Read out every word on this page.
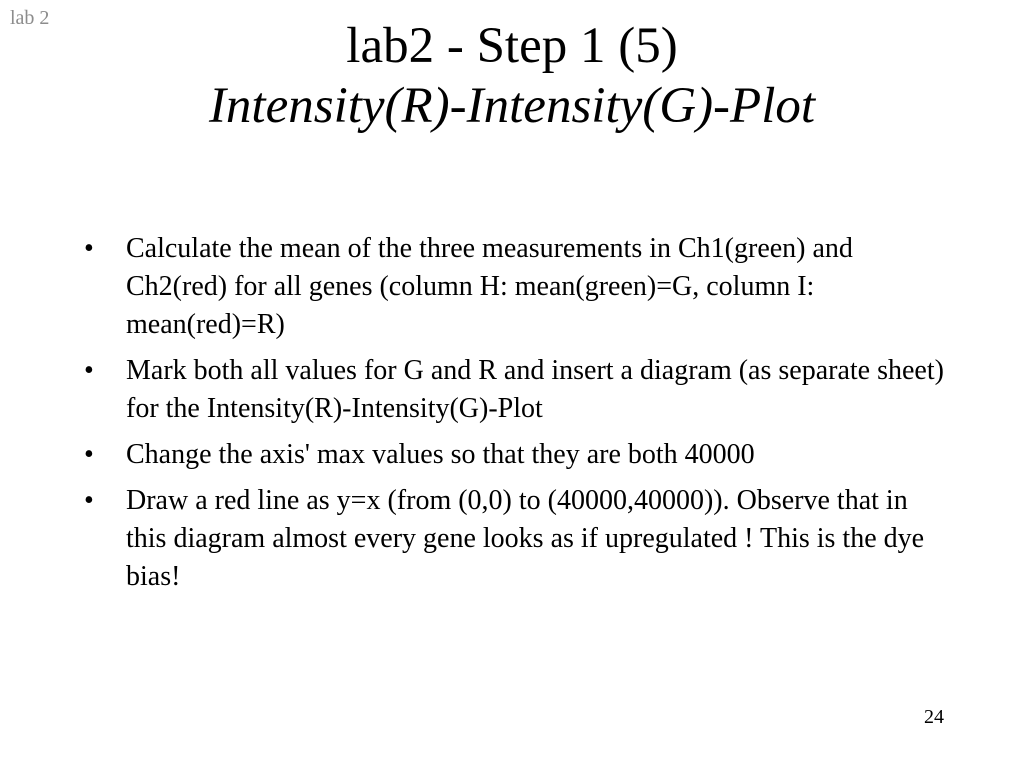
lab 2	lab2 - Step 1 (5)
Intensity(R)-Intensity(G)-Plot
•	Calculate the mean of the three measurements in Ch1(green) and Ch2(red) for all genes (column H: mean(green)=G, column I: mean(red)=R)
•	Mark both all values for G and R and insert a diagram (as separate sheet) for the Intensity(R)-Intensity(G)-Plot
•	Change the axis' max values so that they are both 40000
•	Draw a red line as y=x (from (0,0) to (40000,40000)). Observe that in this diagram almost every gene looks as if upregulated ! This is the dye bias!
24
